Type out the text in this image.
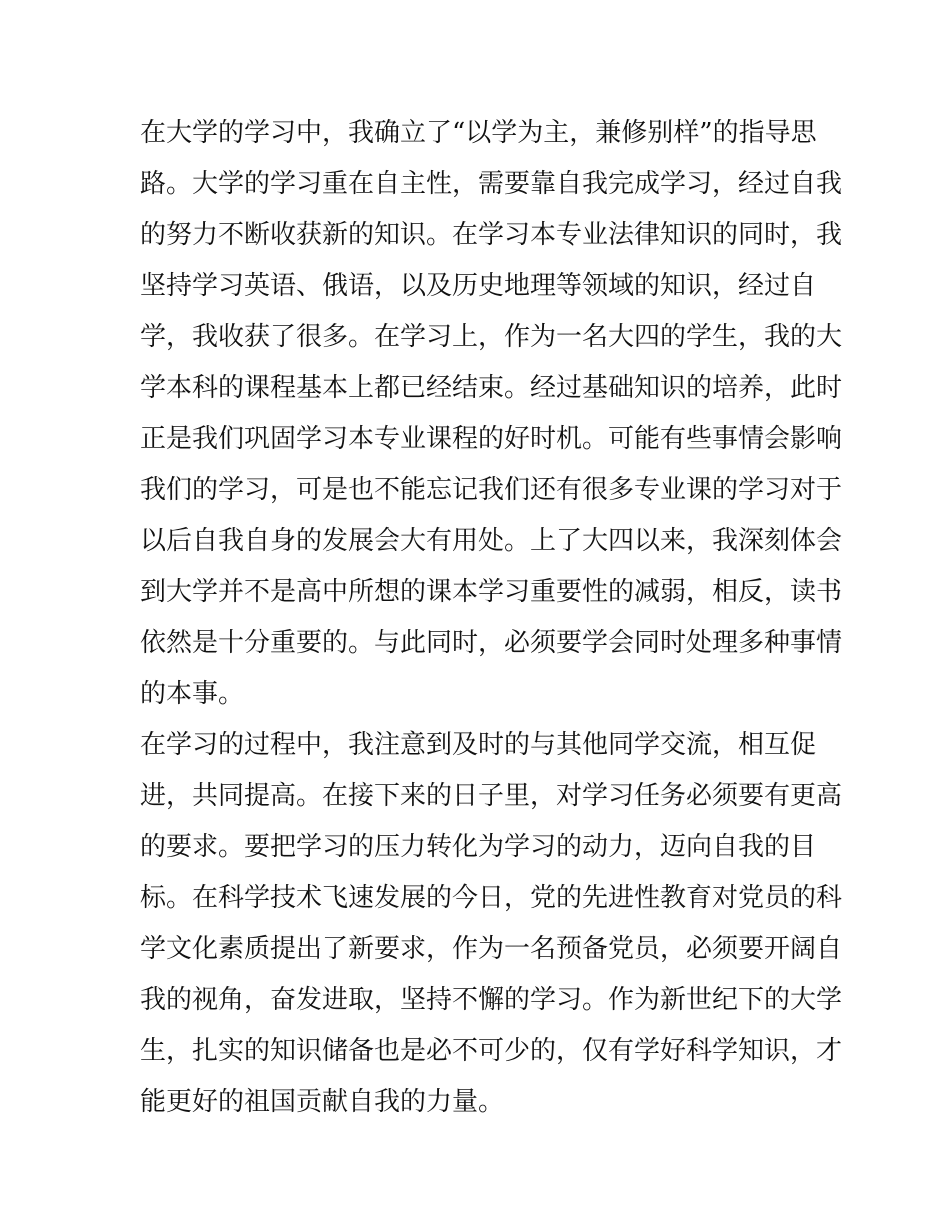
在大学的学习中，我确立了“以学为主，兼修别样”的指导思
路。大学的学习重在自主性，需要靠自我完成学习，经过自我
的努力不断收获新的知识。在学习本专业法律知识的同时，我
坚持学习英语、俄语，以及历史地理等领域的知识，经过自
学，我收获了很多。在学习上，作为一名大四的学生，我的大
学本科的课程基本上都已经结束。经过基础知识的培养，此时
正是我们巩固学习本专业课程的好时机。可能有些事情会影响
我们的学习，可是也不能忘记我们还有很多专业课的学习对于
以后自我自身的发展会大有用处。上了大四以来，我深刻体会
到大学并不是高中所想的课本学习重要性的减弱，相反，读书
依然是十分重要的。与此同时，必须要学会同时处理多种事情
的本事。
在学习的过程中，我注意到及时的与其他同学交流，相互促
进，共同提高。在接下来的日子里，对学习任务必须要有更高
的要求。要把学习的压力转化为学习的动力，迈向自我的目
标。在科学技术飞速发展的今日，党的先进性教育对党员的科
学文化素质提出了新要求，作为一名预备党员，必须要开阔自
我的视角，奋发进取，坚持不懈的学习。作为新世纪下的大学
生，扎实的知识储备也是必不可少的，仅有学好科学知识，才
能更好的祖国贡献自我的力量。
